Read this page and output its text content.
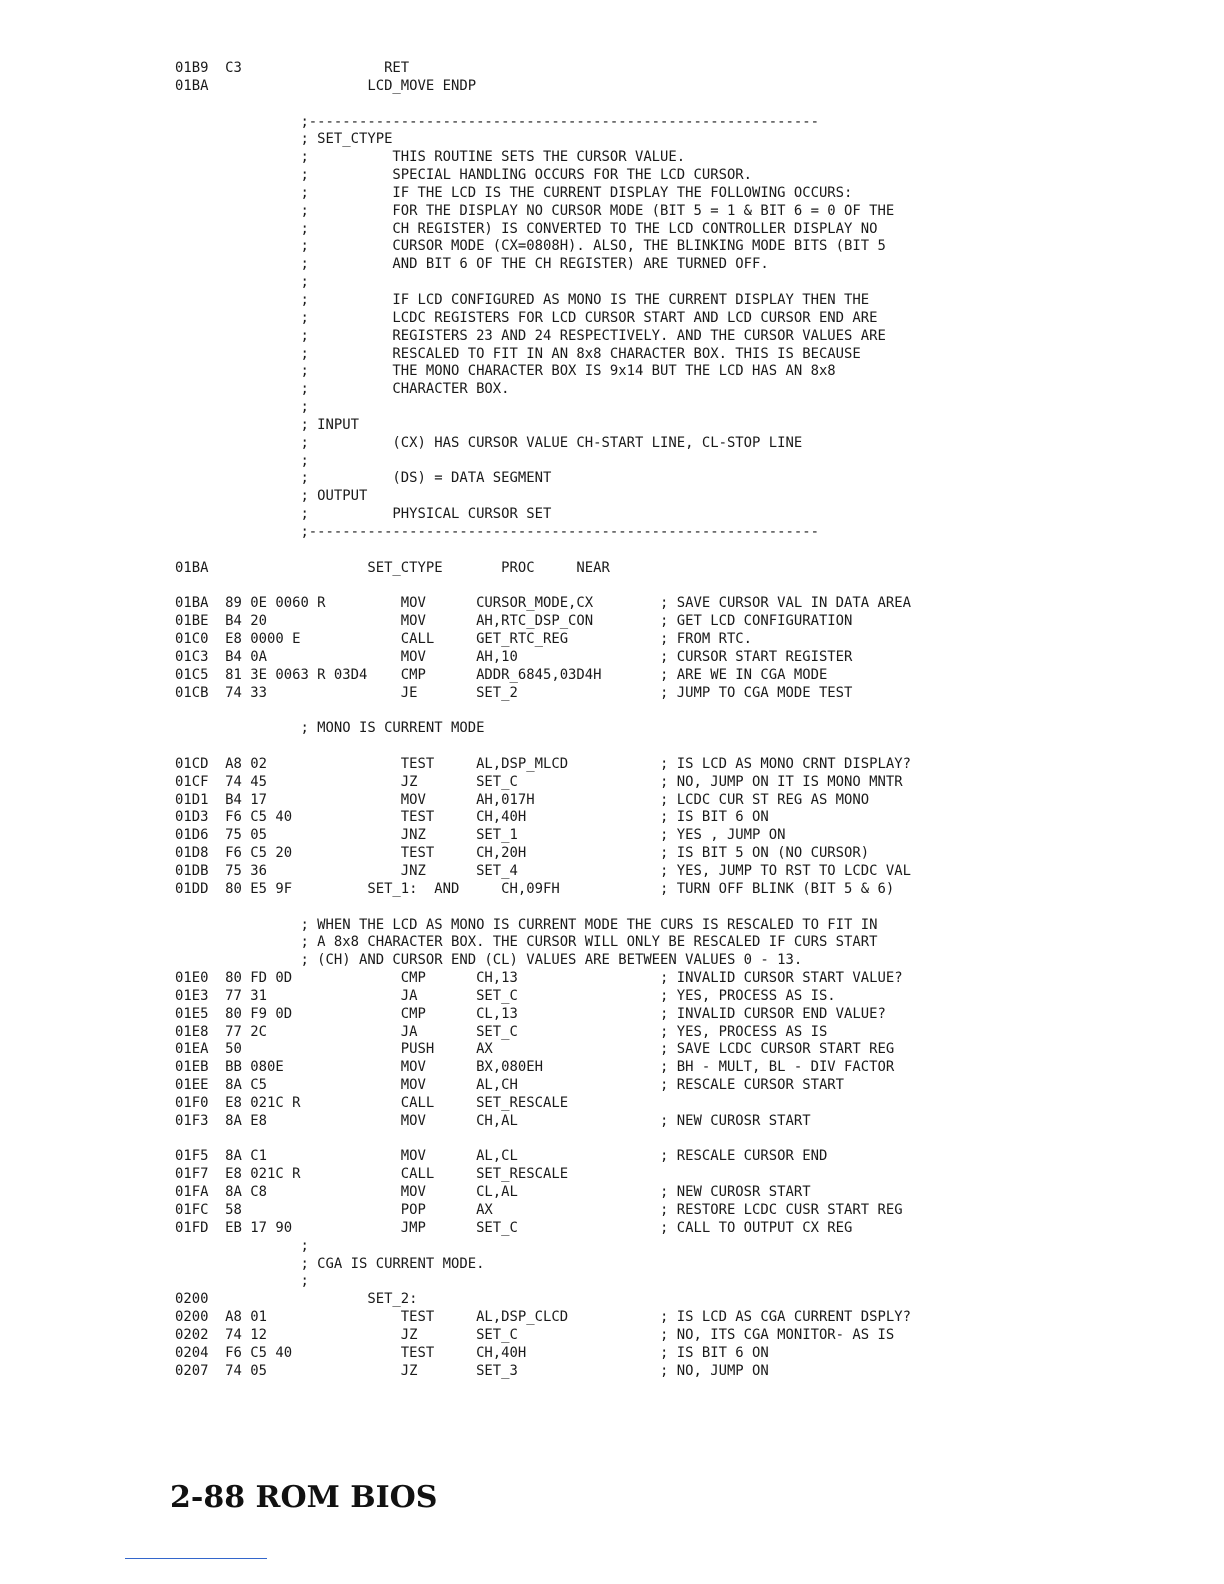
01B9  C3                 RET
01BA                   LCD_MOVE ENDP
;-------------------------------------------------------------
; SET_CTYPE
;          THIS ROUTINE SETS THE CURSOR VALUE.
;          SPECIAL HANDLING OCCURS FOR THE LCD CURSOR.
;          IF THE LCD IS THE CURRENT DISPLAY THE FOLLOWING OCCURS:
;          FOR THE DISPLAY NO CURSOR MODE (BIT 5 = 1 & BIT 6 = 0 OF THE
;          CH REGISTER) IS CONVERTED TO THE LCD CONTROLLER DISPLAY NO
;          CURSOR MODE (CX=0808H). ALSO, THE BLINKING MODE BITS (BIT 5
;          AND BIT 6 OF THE CH REGISTER) ARE TURNED OFF.
;
;          IF LCD CONFIGURED AS MONO IS THE CURRENT DISPLAY THEN THE
;          LCDC REGISTERS FOR LCD CURSOR START AND LCD CURSOR END ARE
;          REGISTERS 23 AND 24 RESPECTIVELY. AND THE CURSOR VALUES ARE
;          RESCALED TO FIT IN AN 8x8 CHARACTER BOX. THIS IS BECAUSE
;          THE MONO CHARACTER BOX IS 9x14 BUT THE LCD HAS AN 8x8
;          CHARACTER BOX.
;
; INPUT
;          (CX) HAS CURSOR VALUE CH-START LINE, CL-STOP LINE
;
;          (DS) = DATA SEGMENT
; OUTPUT
;          PHYSICAL CURSOR SET
;-------------------------------------------------------------
01BA                   SET_CTYPE       PROC     NEAR
01BA  89 0E 0060 R         MOV      CURSOR_MODE,CX        ; SAVE CURSOR VAL IN DATA AREA
01BE  B4 20                MOV      AH,RTC_DSP_CON        ; GET LCD CONFIGURATION
01C0  E8 0000 E            CALL     GET_RTC_REG           ; FROM RTC.
01C3  B4 0A                MOV      AH,10                 ; CURSOR START REGISTER
01C5  81 3E 0063 R 03D4    CMP      ADDR_6845,03D4H       ; ARE WE IN CGA MODE
01CB  74 33                JE       SET_2                 ; JUMP TO CGA MODE TEST
; MONO IS CURRENT MODE
01CD  A8 02                TEST     AL,DSP_MLCD           ; IS LCD AS MONO CRNT DISPLAY?
01CF  74 45                JZ       SET_C                 ; NO, JUMP ON IT IS MONO MNTR
01D1  B4 17                MOV      AH,017H               ; LCDC CUR ST REG AS MONO
01D3  F6 C5 40             TEST     CH,40H                ; IS BIT 6 ON
01D6  75 05                JNZ      SET_1                 ; YES , JUMP ON
01D8  F6 C5 20             TEST     CH,20H                ; IS BIT 5 ON (NO CURSOR)
01DB  75 36                JNZ      SET_4                 ; YES, JUMP TO RST TO LCDC VAL
01DD  80 E5 9F         SET_1:  AND     CH,09FH            ; TURN OFF BLINK (BIT 5 & 6)
; WHEN THE LCD AS MONO IS CURRENT MODE THE CURS IS RESCALED TO FIT IN
; A 8x8 CHARACTER BOX. THE CURSOR WILL ONLY BE RESCALED IF CURS START
; (CH) AND CURSOR END (CL) VALUES ARE BETWEEN VALUES 0 - 13.
01E0  80 FD 0D             CMP      CH,13                 ; INVALID CURSOR START VALUE?
01E3  77 31                JA       SET_C                 ; YES, PROCESS AS IS.
01E5  80 F9 0D             CMP      CL,13                 ; INVALID CURSOR END VALUE?
01E8  77 2C                JA       SET_C                 ; YES, PROCESS AS IS
01EA  50                   PUSH     AX                    ; SAVE LCDC CURSOR START REG
01EB  BB 080E              MOV      BX,080EH              ; BH - MULT, BL - DIV FACTOR
01EE  8A C5                MOV      AL,CH                 ; RESCALE CURSOR START
01F0  E8 021C R            CALL     SET_RESCALE
01F3  8A E8                MOV      CH,AL                 ; NEW CUROSR START
01F5  8A C1                MOV      AL,CL                 ; RESCALE CURSOR END
01F7  E8 021C R            CALL     SET_RESCALE
01FA  8A C8                MOV      CL,AL                 ; NEW CUROSR START
01FC  58                   POP      AX                    ; RESTORE LCDC CUSR START REG
01FD  EB 17 90             JMP      SET_C                 ; CALL TO OUTPUT CX REG
;
; CGA IS CURRENT MODE.
;
0200                   SET_2:
0200  A8 01                TEST     AL,DSP_CLCD           ; IS LCD AS CGA CURRENT DSPLY?
0202  74 12                JZ       SET_C                 ; NO, ITS CGA MONITOR- AS IS
0204  F6 C5 40             TEST     CH,40H                ; IS BIT 6 ON
0207  74 05                JZ       SET_3                 ; NO, JUMP ON
2-88 ROM BIOS
